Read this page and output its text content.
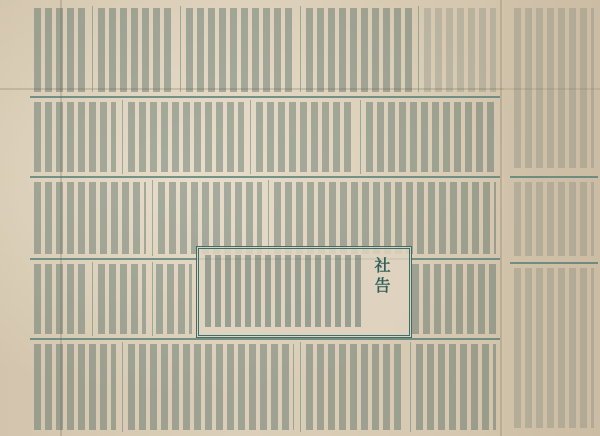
社告
